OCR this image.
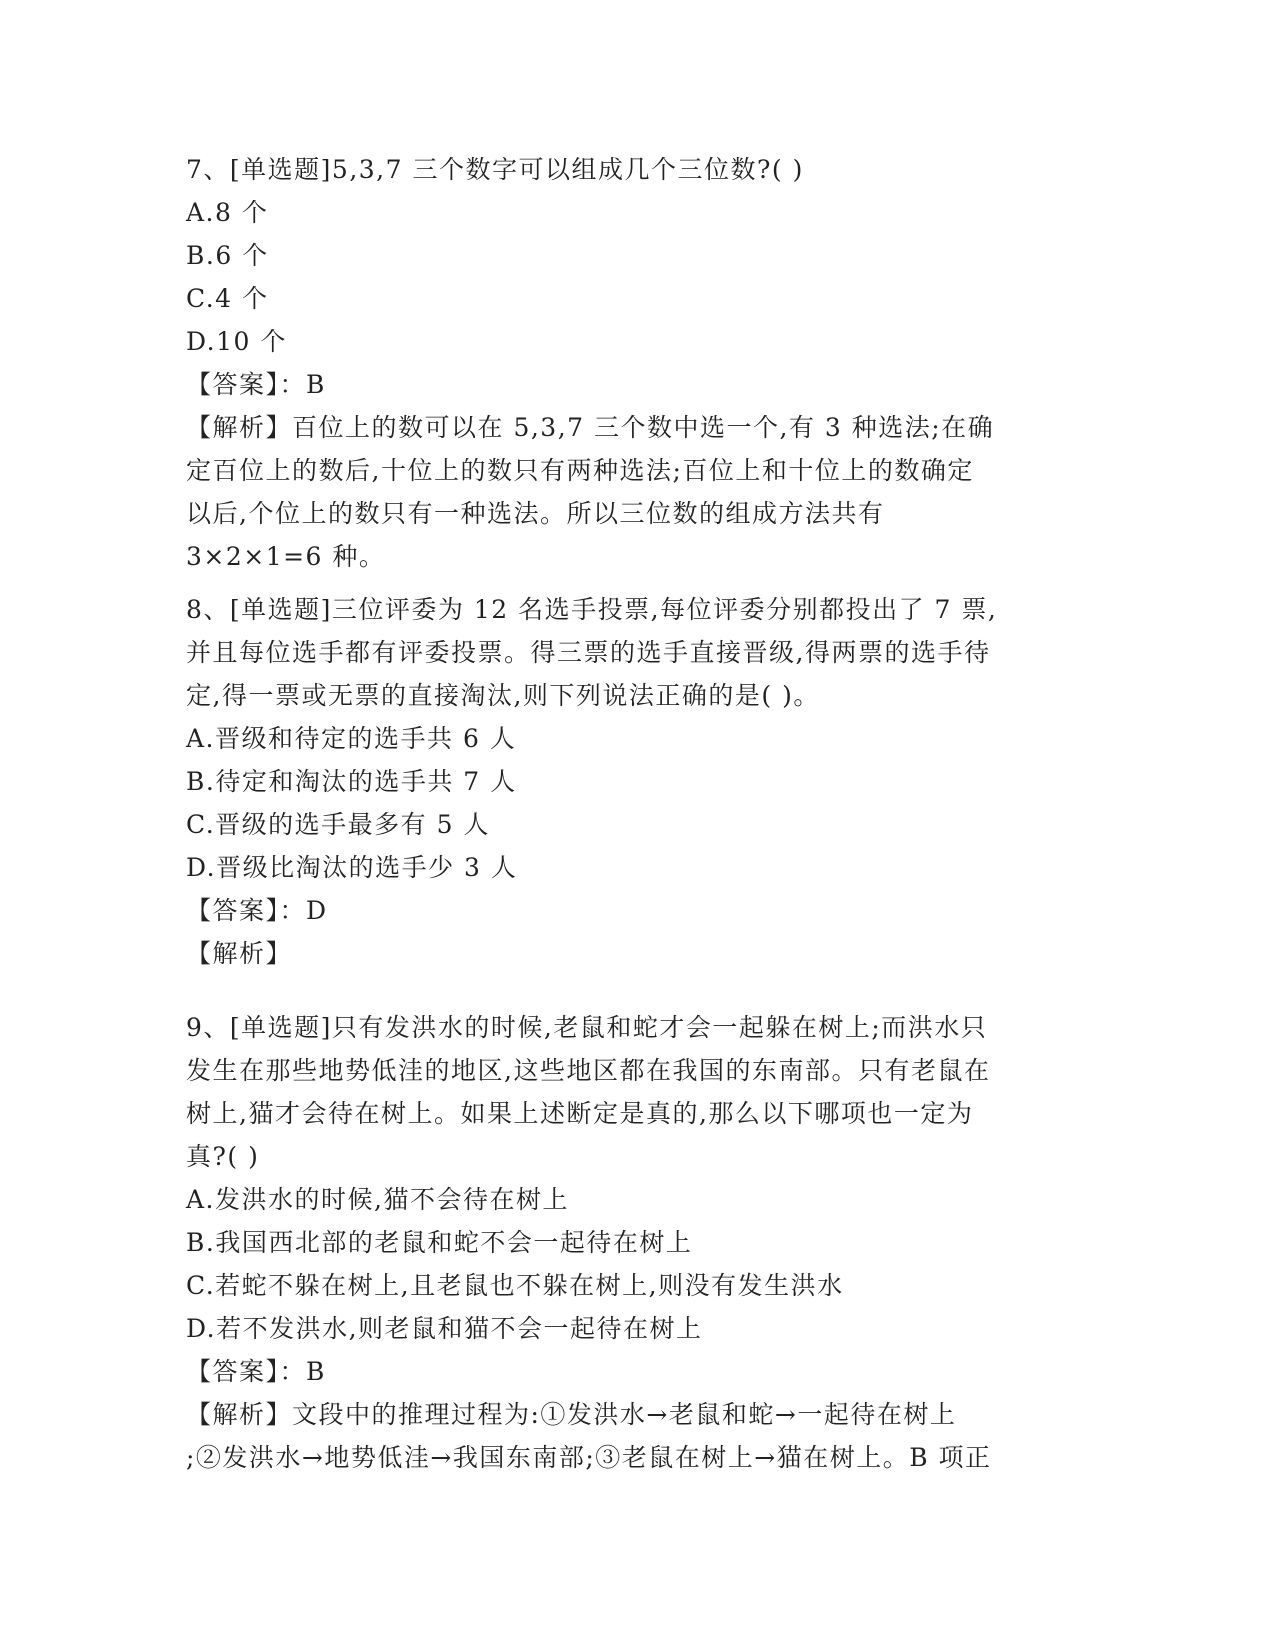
7、[单选题]5,3,7 三个数字可以组成几个三位数?( )
A.8 个
B.6 个
C.4 个
D.10 个
【答案】：B
【解析】百位上的数可以在 5,3,7 三个数中选一个,有 3 种选法;在确
定百位上的数后,十位上的数只有两种选法;百位上和十位上的数确定
以后,个位上的数只有一种选法。所以三位数的组成方法共有
3×2×1=6 种。
8、[单选题]三位评委为 12 名选手投票,每位评委分别都投出了 7 票,
并且每位选手都有评委投票。得三票的选手直接晋级,得两票的选手待
定,得一票或无票的直接淘汰,则下列说法正确的是( )。
A.晋级和待定的选手共 6 人
B.待定和淘汰的选手共 7 人
C.晋级的选手最多有 5 人
D.晋级比淘汰的选手少 3 人
【答案】：D
【解析】
9、[单选题]只有发洪水的时候,老鼠和蛇才会一起躲在树上;而洪水只
发生在那些地势低洼的地区,这些地区都在我国的东南部。只有老鼠在
树上,猫才会待在树上。如果上述断定是真的,那么以下哪项也一定为
真?( )
A.发洪水的时候,猫不会待在树上
B.我国西北部的老鼠和蛇不会一起待在树上
C.若蛇不躲在树上,且老鼠也不躲在树上,则没有发生洪水
D.若不发洪水,则老鼠和猫不会一起待在树上
【答案】：B
【解析】文段中的推理过程为:①发洪水→老鼠和蛇→一起待在树上
;②发洪水→地势低洼→我国东南部;③老鼠在树上→猫在树上。B 项正
